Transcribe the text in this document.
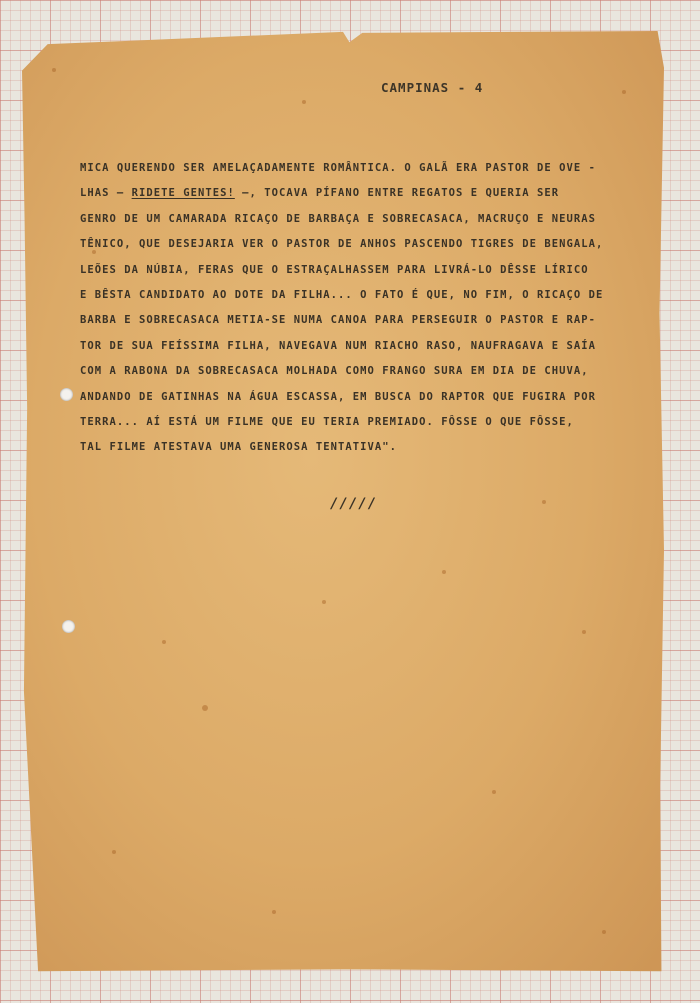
CAMPINAS - 4
MICA QUERENDO SER AMELAÇADAMENTE ROMÂNTICA. O GALÃ ERA PASTOR DE OVE -
LHAS — RIDETE GENTES! —, TOCAVA PÍFANO ENTRE REGATOS E QUERIA SER
GENRO DE UM CAMARADA RICAÇO DE BARBAÇA E SOBRECASACA, MACRUÇO E NEURAS
TÊNICO, QUE DESEJARIA VER O PASTOR DE ANHOS PASCENDO TIGRES DE BENGALA,
LEÕES DA NÚBIA, FERAS QUE O ESTRAÇALHASSEM PARA LIVRÁ-LO DÊSSE LÍRICO
E BÊSTA CANDIDATO AO DOTE DA FILHA... O FATO É QUE, NO FIM, O RICAÇO DE
BARBA E SOBRECASACA METIA-SE NUMA CANOA PARA PERSEGUIR O PASTOR E RAP-
TOR DE SUA FEÍSSIMA FILHA, NAVEGAVA NUM RIACHO RASO, NAUFRAGAVA E SAÍA
COM A RABONA DA SOBRECASACA MOLHADA COMO FRANGO SURA EM DIA DE CHUVA,
ANDANDO DE GATINHAS NA ÁGUA ESCASSA, EM BUSCA DO RAPTOR QUE FUGIRA POR
TERRA... AÍ ESTÁ UM FILME QUE EU TERIA PREMIADO. FÔSSE O QUE FÔSSE,
TAL FILME ATESTAVA UMA GENEROSA TENTATIVA".
/////
